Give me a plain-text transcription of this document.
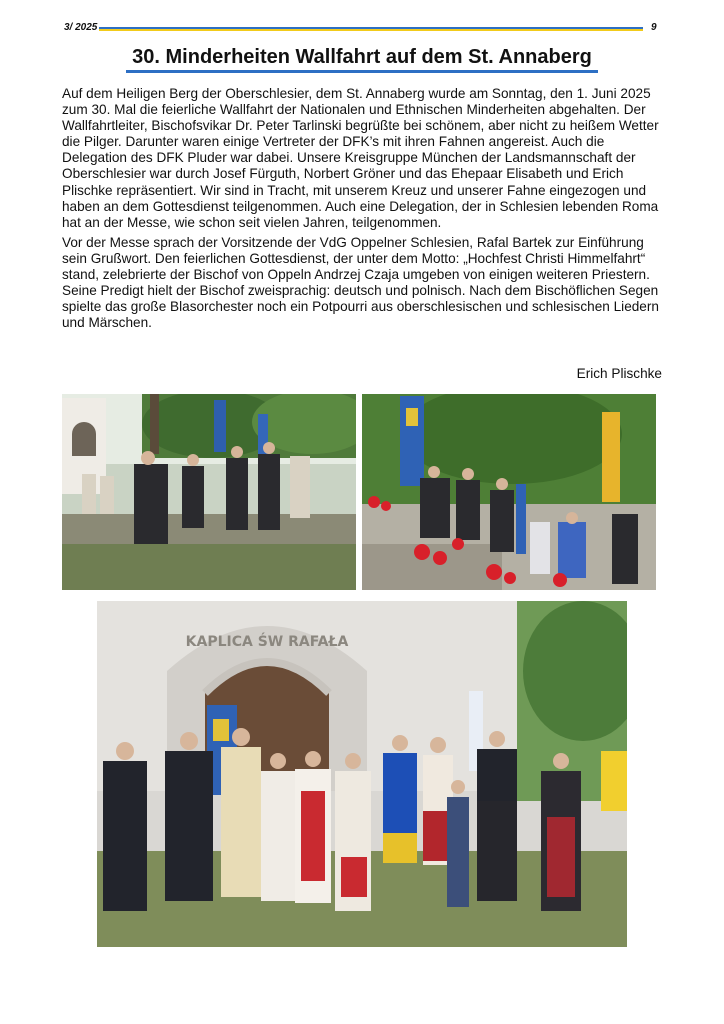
3/ 2025	9
30. Minderheiten Wallfahrt auf dem St. Annaberg

Auf dem Heiligen Berg der Oberschlesier, dem St. Annaberg wurde am Sonntag, den 1. Juni 2025 zum 30. Mal die feierliche Wallfahrt der Nationalen und Ethnischen Minderheiten abgehalten. Der Wallfahrtleiter, Bischofsvikar Dr. Peter Tarlinski begrüßte bei schönem, aber nicht zu heißem Wetter die Pilger. Darunter waren einige Vertreter der DFK’s mit ihren Fahnen angereist. Auch die Delegation des DFK Pluder war dabei. Unsere Kreisgruppe München der Landsmannschaft der Oberschlesier war durch Josef Fürguth, Norbert Gröner und das Ehepaar Elisabeth und Erich Plischke repräsentiert. Wir sind in Tracht, mit unserem Kreuz und unserer Fahne eingezogen und haben an dem Gottesdienst teilgenommen. Auch eine Delegation, der in Schlesien lebenden Roma hat an der Messe, wie schon seit vielen Jahren, teilgenommen.

Vor der Messe sprach der Vorsitzende der VdG Oppelner Schlesien, Rafal Bartek zur Einführung sein Grußwort. Den feierlichen Gottesdienst, der unter dem Motto: „Hochfest Christi Himmelfahrt“ stand, zelebrierte der Bischof von Oppeln Andrzej Czaja umgeben von einigen weiteren Priestern. Seine Predigt hielt der Bischof zweisprachig: deutsch und polnisch. Nach dem Bischöflichen Segen spielte das große Blasorchester noch ein Potpourri aus oberschlesischen und schlesischen Liedern und Märschen.

Erich Plischke
KAPLICA ŚW RAFAŁA
